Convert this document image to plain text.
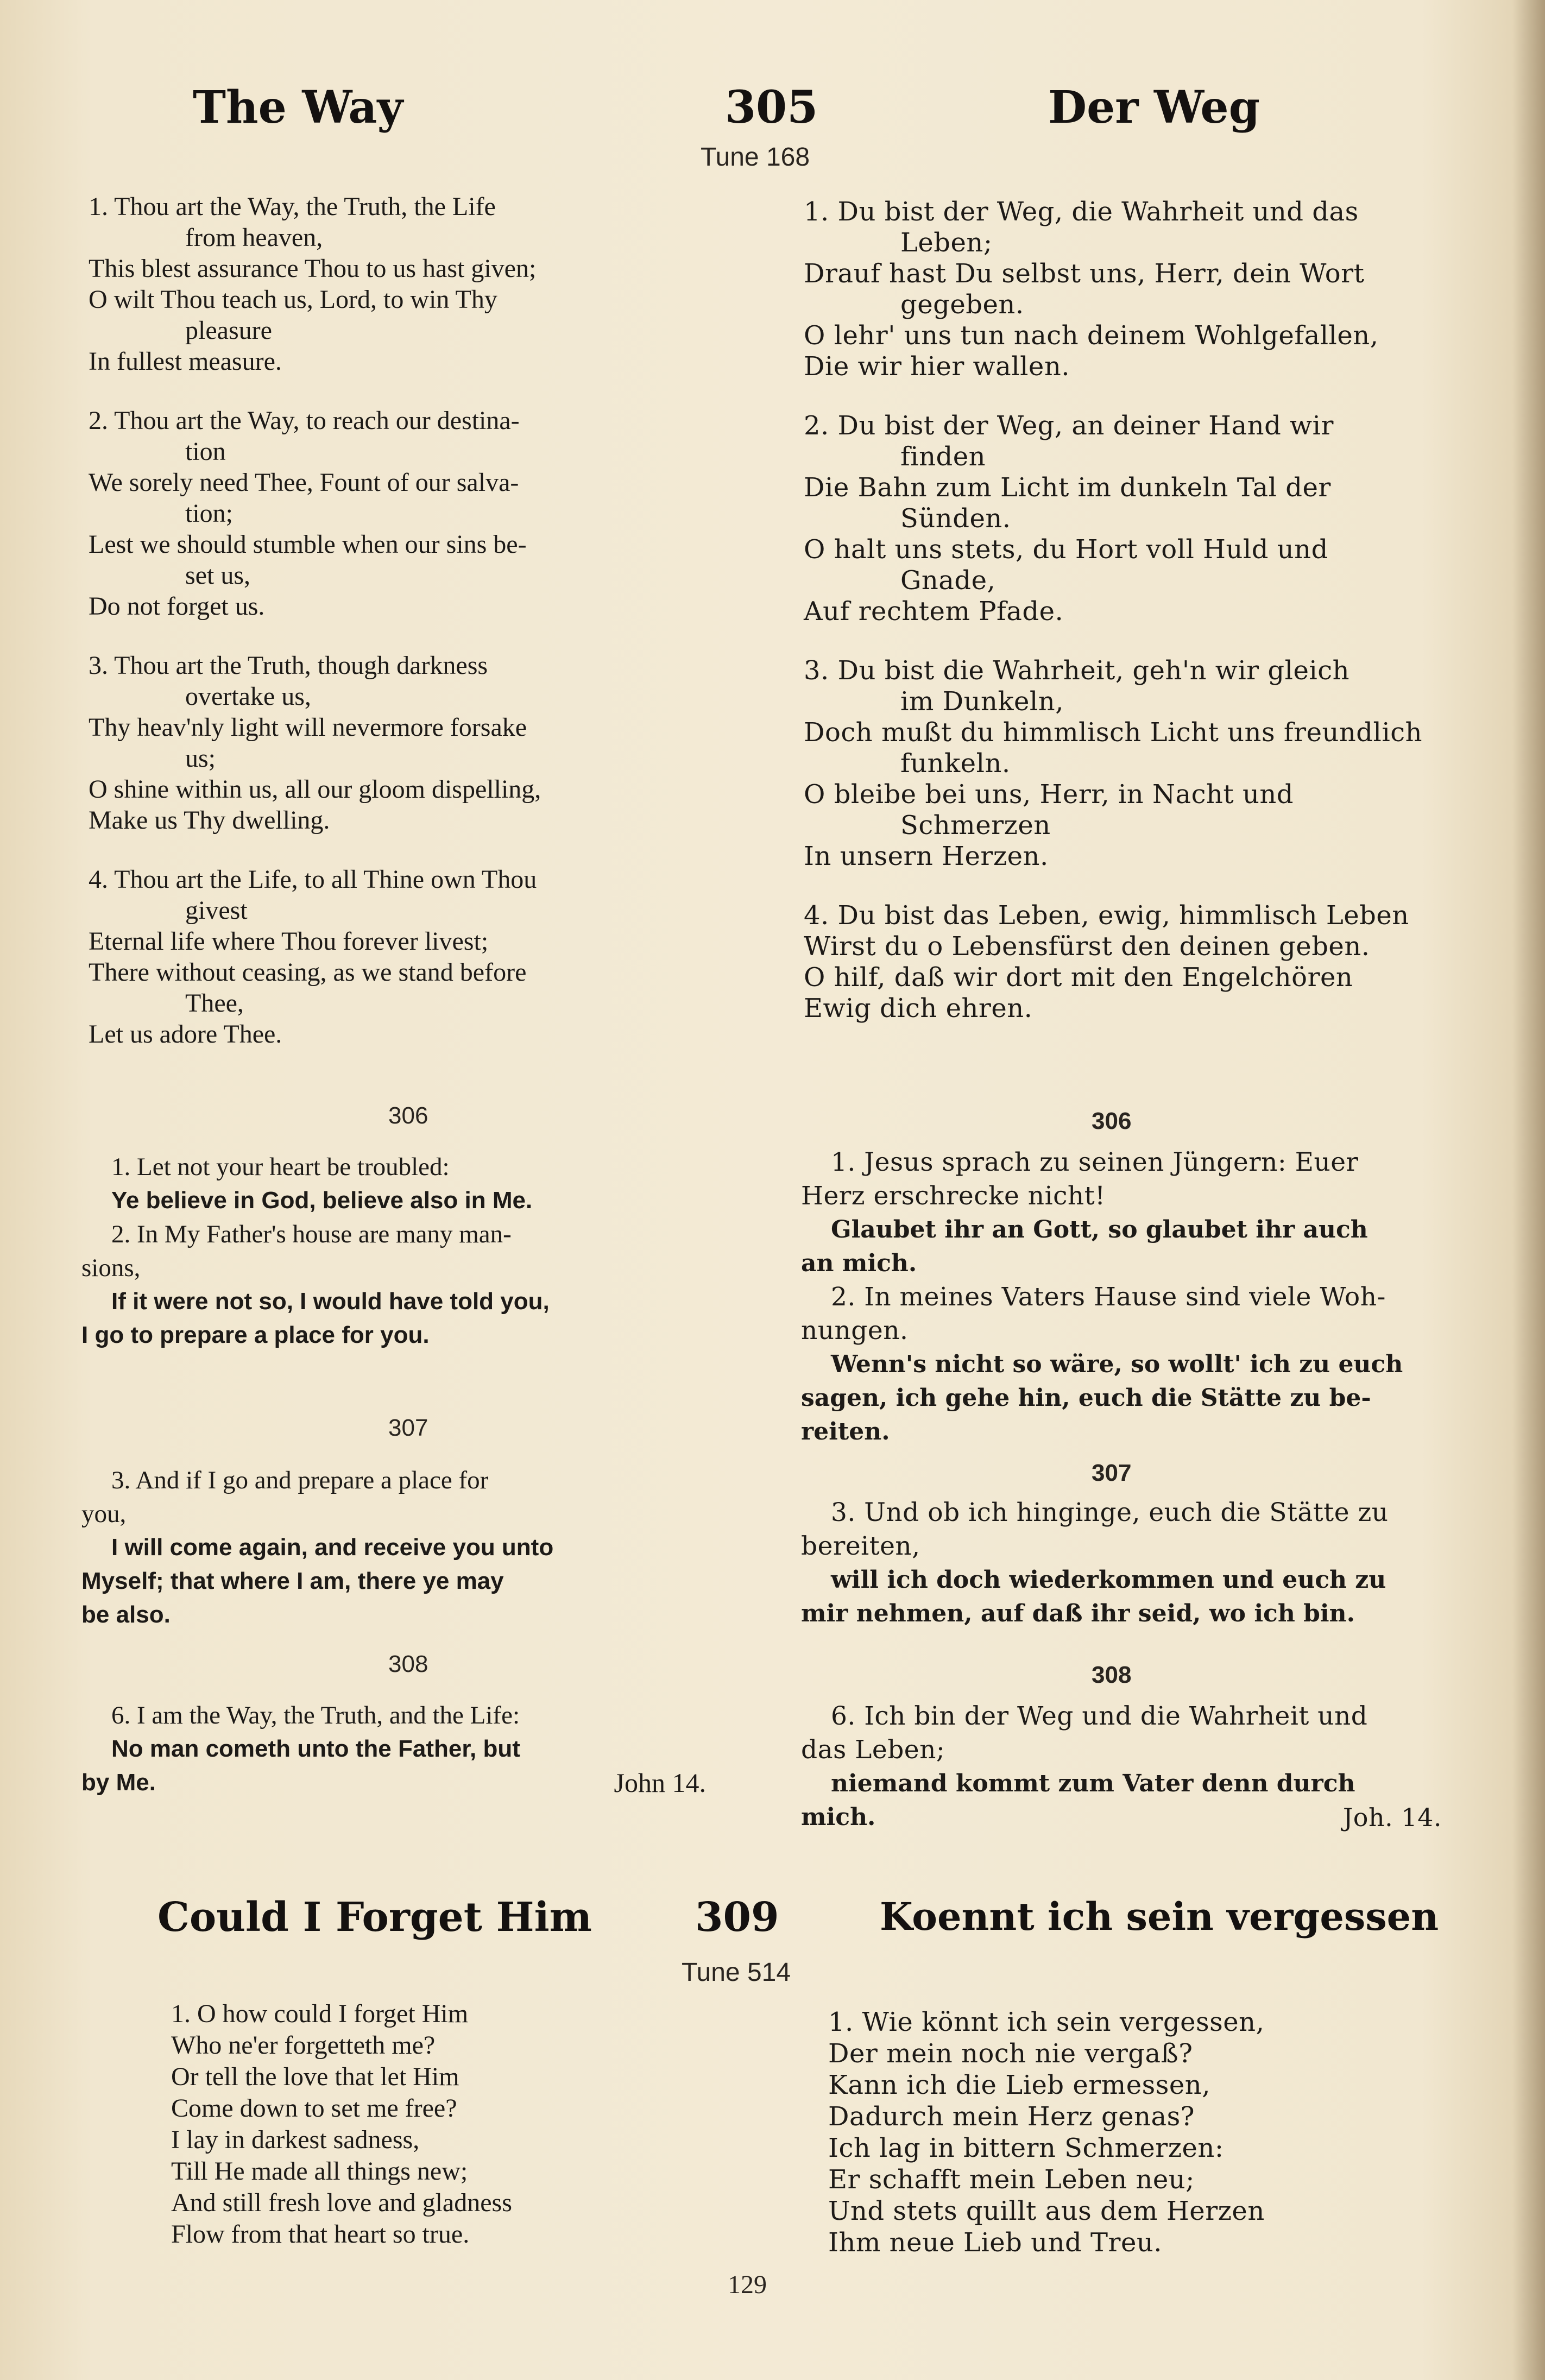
The Way	305	Der Weg
Tune 168
1. Thou art the Way, the Truth, the Life
from heaven,
This blest assurance Thou to us hast given;
O wilt Thou teach us, Lord, to win Thy
pleasure
In fullest measure.
2. Thou art the Way, to reach our destina-
tion
We sorely need Thee, Fount of our salva-
tion;
Lest we should stumble when our sins be-
set us,
Do not forget us.
3. Thou art the Truth, though darkness
overtake us,
Thy heav'nly light will nevermore forsake
us;
O shine within us, all our gloom dispelling,
Make us Thy dwelling.
4. Thou art the Life, to all Thine own Thou
givest
Eternal life where Thou forever livest;
There without ceasing, as we stand before
Thee,
Let us adore Thee.
1. Du bist der Weg, die Wahrheit und das
Leben;
Drauf hast Du selbst uns, Herr, dein Wort
gegeben.
O lehr' uns tun nach deinem Wohlgefallen,
Die wir hier wallen.
2. Du bist der Weg, an deiner Hand wir
finden
Die Bahn zum Licht im dunkeln Tal der
Sünden.
O halt uns stets, du Hort voll Huld und
Gnade,
Auf rechtem Pfade.
3. Du bist die Wahrheit, geh'n wir gleich
im Dunkeln,
Doch mußt du himmlisch Licht uns freundlich
funkeln.
O bleibe bei uns, Herr, in Nacht und
Schmerzen
In unsern Herzen.
4. Du bist das Leben, ewig, himmlisch Leben
Wirst du o Lebensfürst den deinen geben.
O hilf, daß wir dort mit den Engelchören
Ewig dich ehren.
306
1. Let not your heart be troubled:
Ye believe in God, believe also in Me.
2. In My Father's house are many man-
sions,
If it were not so, I would have told you,
I go to prepare a place for you.
307
3. And if I go and prepare a place for
you,
I will come again, and receive you unto
Myself; that where I am, there ye may
be also.
308
6. I am the Way, the Truth, and the Life:
No man cometh unto the Father, but
by Me.	John 14.
306
1. Jesus sprach zu seinen Jüngern: Euer
Herz erschrecke nicht!
Glaubet ihr an Gott, so glaubet ihr auch
an mich.
2. In meines Vaters Hause sind viele Woh-
nungen.
Wenn's nicht so wäre, so wollt' ich zu euch
sagen, ich gehe hin, euch die Stätte zu be-
reiten.
307
3. Und ob ich hinginge, euch die Stätte zu
bereiten,
will ich doch wiederkommen und euch zu
mir nehmen, auf daß ihr seid, wo ich bin.
308
6. Ich bin der Weg und die Wahrheit und
das Leben;
niemand kommt zum Vater denn durch
mich.	Joh. 14.
Could I Forget Him	309	Koennt ich sein vergessen
Tune 514
1. O how could I forget Him
Who ne'er forgetteth me?
Or tell the love that let Him
Come down to set me free?
I lay in darkest sadness,
Till He made all things new;
And still fresh love and gladness
Flow from that heart so true.
1. Wie könnt ich sein vergessen,
Der mein noch nie vergaß?
Kann ich die Lieb ermessen,
Dadurch mein Herz genas?
Ich lag in bittern Schmerzen:
Er schafft mein Leben neu;
Und stets quillt aus dem Herzen
Ihm neue Lieb und Treu.
129
